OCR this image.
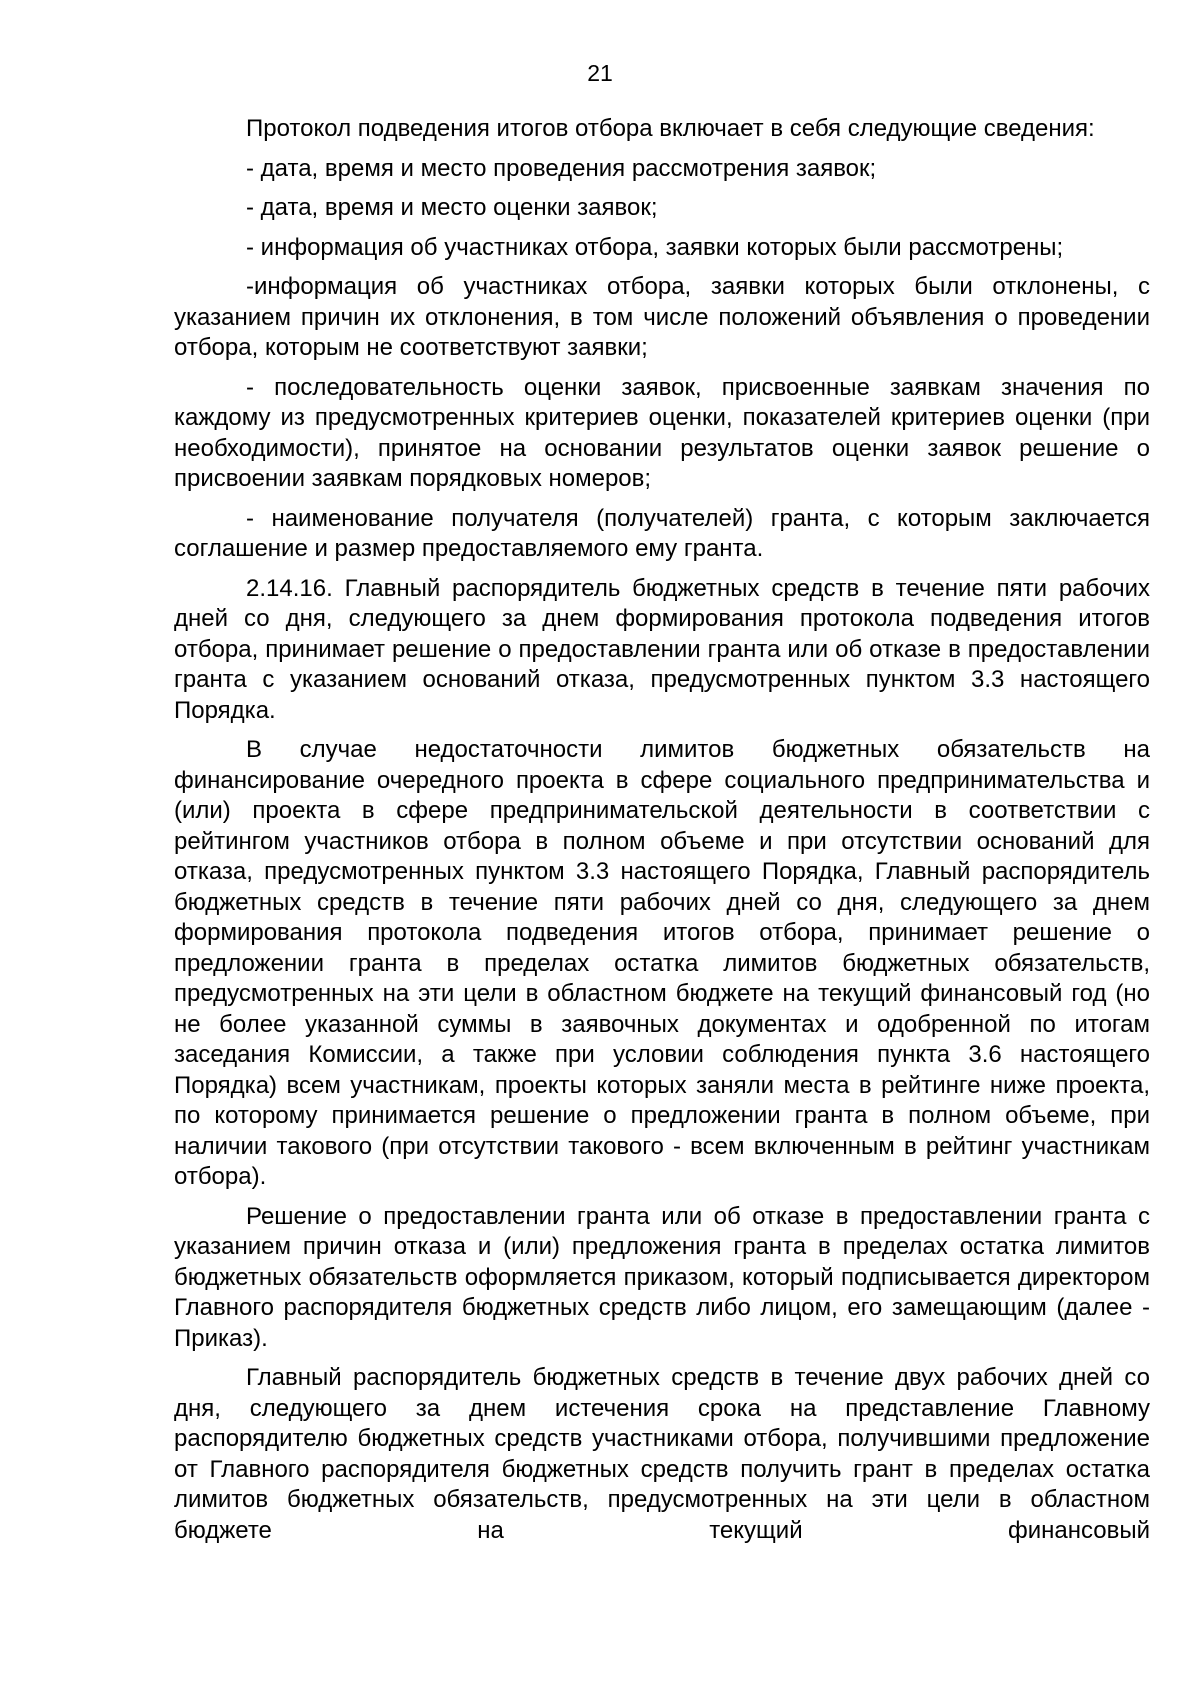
21

Протокол подведения итогов отбора включает в себя следующие сведения:

- дата, время и место проведения рассмотрения заявок;

- дата, время и место оценки заявок;

- информация об участниках отбора, заявки которых были рассмотрены;

-информация об участниках отбора, заявки которых были отклонены, с указанием причин их отклонения, в том числе положений объявления о проведении отбора, которым не соответствуют заявки;

- последовательность оценки заявок, присвоенные заявкам значения по каждому из предусмотренных критериев оценки, показателей критериев оценки (при необходимости), принятое на основании результатов оценки заявок решение о присвоении заявкам порядковых номеров;

- наименование получателя (получателей) гранта, с которым заключается соглашение и размер предоставляемого ему гранта.

2.14.16. Главный распорядитель бюджетных средств в течение пяти рабочих дней со дня, следующего за днем формирования протокола подведения итогов отбора, принимает решение о предоставлении гранта или об отказе в предоставлении гранта с указанием оснований отказа, предусмотренных пунктом 3.3 настоящего Порядка.

В случае недостаточности лимитов бюджетных обязательств на финансирование очередного проекта в сфере социального предпринимательства и (или) проекта в сфере предпринимательской деятельности в соответствии с рейтингом участников отбора в полном объеме и при отсутствии оснований для отказа, предусмотренных пунктом 3.3 настоящего Порядка, Главный распорядитель бюджетных средств в течение пяти рабочих дней со дня, следующего за днем формирования протокола подведения итогов отбора, принимает решение о предложении гранта в пределах остатка лимитов бюджетных обязательств, предусмотренных на эти цели в областном бюджете на текущий финансовый год (но не более указанной суммы в заявочных документах и одобренной по итогам заседания Комиссии, а также при условии соблюдения пункта 3.6 настоящего Порядка) всем участникам, проекты которых заняли места в рейтинге ниже проекта, по которому принимается решение о предложении гранта в полном объеме, при наличии такового (при отсутствии такового - всем включенным в рейтинг участникам отбора).

Решение о предоставлении гранта или об отказе в предоставлении гранта с указанием причин отказа и (или) предложения гранта в пределах остатка лимитов бюджетных обязательств оформляется приказом, который подписывается директором Главного распорядителя бюджетных средств либо лицом, его замещающим (далее - Приказ).

Главный распорядитель бюджетных средств в течение двух рабочих дней со дня, следующего за днем истечения срока на представление Главному распорядителю бюджетных средств участниками отбора, получившими предложение от Главного распорядителя бюджетных средств получить грант в пределах остатка лимитов бюджетных обязательств, предусмотренных на эти цели в областном бюджете на текущий финансовый
